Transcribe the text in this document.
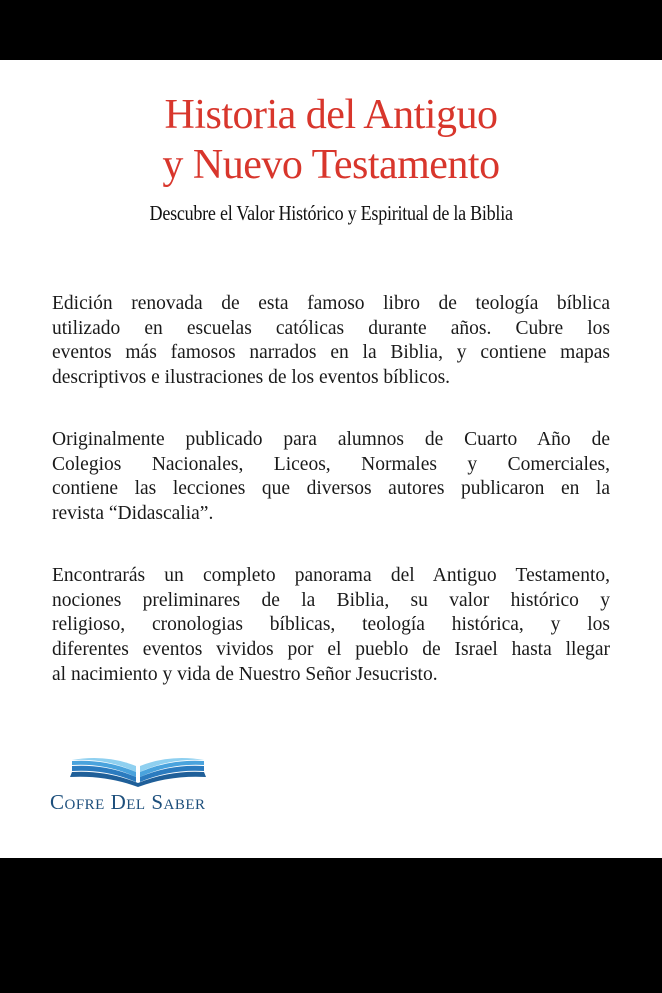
Historia del Antiguo
y Nuevo Testamento
Descubre el Valor Histórico y Espiritual de la Biblia
Edición renovada de esta famoso libro de teología bíblica
utilizado en escuelas católicas durante años. Cubre los
eventos más famosos narrados en la Biblia, y contiene mapas
descriptivos e ilustraciones de los eventos bíblicos.
Originalmente publicado para alumnos de Cuarto Año de
Colegios Nacionales, Liceos, Normales y Comerciales,
contiene las lecciones que diversos autores publicaron en la
revista “Didascalia”.
Encontrarás un completo panorama del Antiguo Testamento,
nociones preliminares de la Biblia, su valor histórico y
religioso, cronologias bíblicas, teología histórica, y los
diferentes eventos vividos por el pueblo de Israel hasta llegar
al nacimiento y vida de Nuestro Señor Jesucristo.
Cofre Del Saber
